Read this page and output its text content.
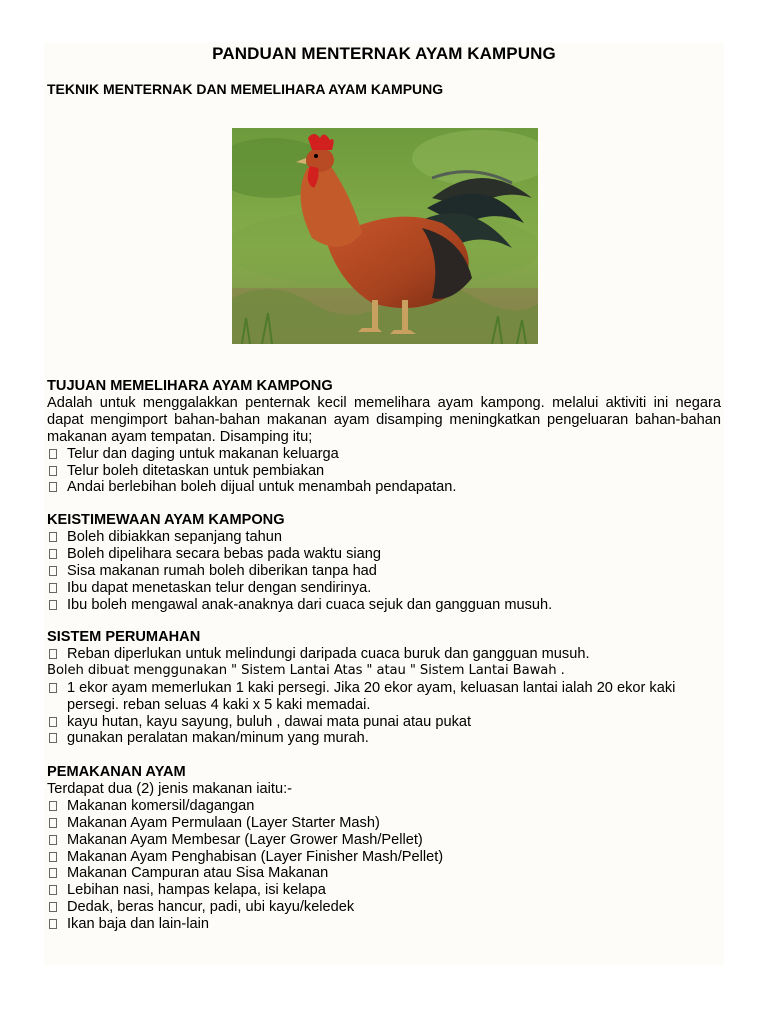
PANDUAN MENTERNAK AYAM KAMPUNG
TEKNIK MENTERNAK DAN MEMELIHARA AYAM KAMPUNG
TUJUAN MEMELIHARA AYAM KAMPONG

Adalah untuk menggalakkan penternak kecil memelihara ayam kampong. melalui aktiviti ini negara dapat mengimport bahan-bahan makanan ayam disamping meningkatkan pengeluaran bahan-bahan makanan ayam tempatan. Disamping itu;

Telur dan daging untuk makanan keluarga
Telur boleh ditetaskan untuk pembiakan
Andai berlebihan boleh dijual untuk menambah pendapatan.
KEISTIMEWAAN AYAM KAMPONG
Boleh dibiakkan sepanjang tahun
Boleh dipelihara secara bebas pada waktu siang
Sisa makanan rumah boleh diberikan tanpa had
Ibu dapat menetaskan telur dengan sendirinya.
Ibu boleh mengawal anak-anaknya dari cuaca sejuk dan gangguan musuh.
SISTEM PERUMAHAN
Reban diperlukan untuk melindungi daripada cuaca buruk dan gangguan musuh.

Boleh dibuat menggunakan " Sistem Lantai Atas " atau " Sistem Lantai Bawah .

1 ekor ayam memerlukan 1 kaki persegi. Jika 20 ekor ayam, keluasan lantai ialah 20 ekor kaki persegi. reban seluas 4 kaki x 5 kaki memadai.
kayu hutan, kayu sayung, buluh , dawai mata punai atau pukat
gunakan peralatan makan/minum yang murah.
PEMAKANAN AYAM

Terdapat dua (2) jenis makanan iaitu:-

Makanan komersil/dagangan
Makanan Ayam Permulaan (Layer Starter Mash)
Makanan Ayam Membesar (Layer Grower Mash/Pellet)
Makanan Ayam Penghabisan (Layer Finisher Mash/Pellet)
Makanan Campuran atau Sisa Makanan
Lebihan nasi, hampas kelapa, isi kelapa
Dedak, beras hancur, padi, ubi kayu/keledek
Ikan baja dan lain-lain
